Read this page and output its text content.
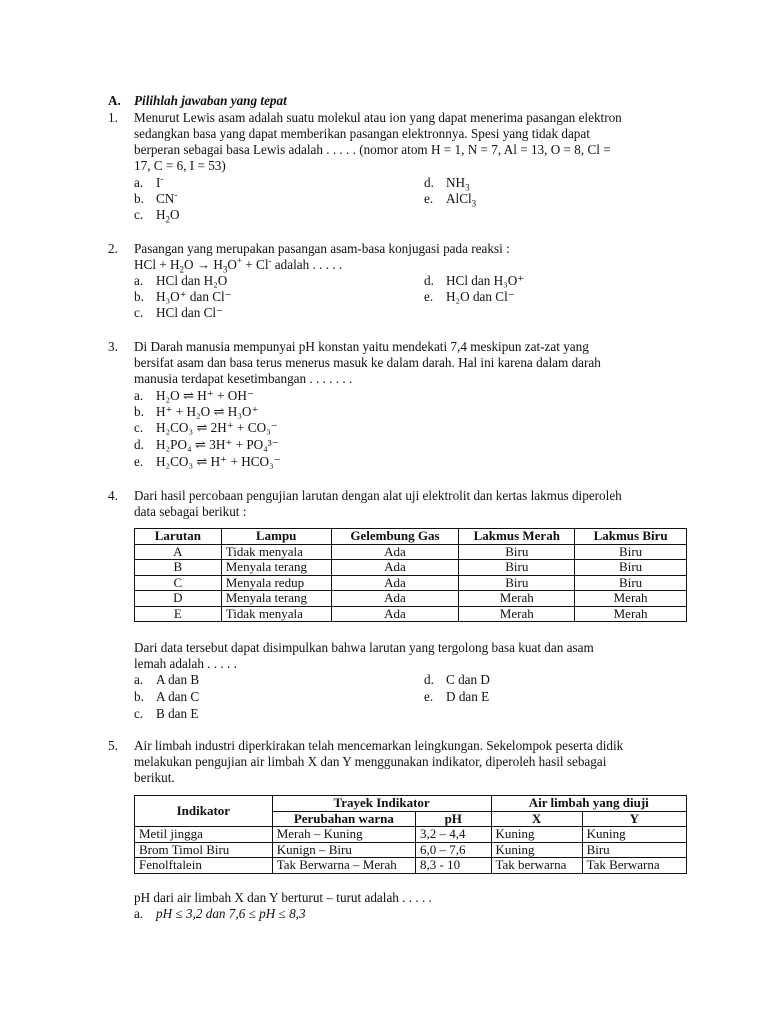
A. Pilihlah jawaban yang tepat
1. Menurut Lewis asam adalah suatu molekul atau ion yang dapat menerima pasangan elektron
sedangkan basa yang dapat memberikan pasangan elektronnya. Spesi yang tidak dapat
berperan sebagai basa Lewis adalah . . . . . (nomor atom H = 1, N = 7, Al = 13, O = 8, Cl =
17, C = 6, I = 53)
a. I-
b. CN-
c. $H_2O$
d. $NH_3$
e. AlCl$_3$
2. Pasangan yang merupakan pasangan asam-basa konjugasi pada reaksi :
HCl + $H_2O \to H_3O^+ + Cl^-$ adalah . . . . .
a. HCl dan H₂O
b. H₃O⁺ dan Cl⁻
c. HCl dan Cl⁻
d. HCl dan H₃O⁺
e. H₂O dan Cl⁻
3. Di Darah manusia mempunyai pH konstan yaitu mendekati 7,4 meskipun zat-zat yang
bersifat asam dan basa terus menerus masuk ke dalam darah. Hal ini karena dalam darah
manusia terdapat kesetimbangan . . . . . . .
a. H₂O ⇌ H⁺ + OH⁻
b. H⁺ + H₂O ⇌ H₃O⁺
c. H₂CO₃ ⇌ 2H⁺ + CO₃⁻
d. H₂PO₄ ⇌ 3H⁺ + PO₄³⁻
e. H₂CO₃ ⇌ H⁺ + HCO₃⁻
4. Dari hasil percobaan pengujian larutan dengan alat uji elektrolit dan kertas lakmus diperoleh
data sebagai berikut :
Larutan	Lampu	Gelembung Gas	Lakmus Merah	Lakmus Biru
A	Tidak menyala	Ada	Biru	Biru
B	Menyala terang	Ada	Biru	Biru
C	Menyala redup	Ada	Biru	Biru
D	Menyala terang	Ada	Merah	Merah
E	Tidak menyala	Ada	Merah	Merah
Dari data tersebut dapat disimpulkan bahwa larutan yang tergolong basa kuat dan asam
lemah adalah . . . . .
a. A dan B
b. A dan C
c. B dan E
d. C dan D
e. D dan E
5. Air limbah industri diperkirakan telah mencemarkan leingkungan. Sekelompok peserta didik
melakukan pengujian air limbah X dan Y menggunakan indikator, diperoleh hasil sebagai
berikut.
Indikator	Trayek Indikator		Air limbah yang diuji	
	Perubahan warna	pH	X	Y
Metil jingga	Merah – Kuning	3,2 – 4,4	Kuning	Kuning
Brom Timol Biru	Kunign – Biru	6,0 – 7,6	Kuning	Biru
Fenolftalein	Tak Berwarna – Merah	8,3 - 10	Tak berwarna	Tak Berwarna
pH dari air limbah X dan Y berturut – turut adalah . . . . .
a. pH ≤ 3,2 dan 7,6 ≤ pH ≤ 8,3
